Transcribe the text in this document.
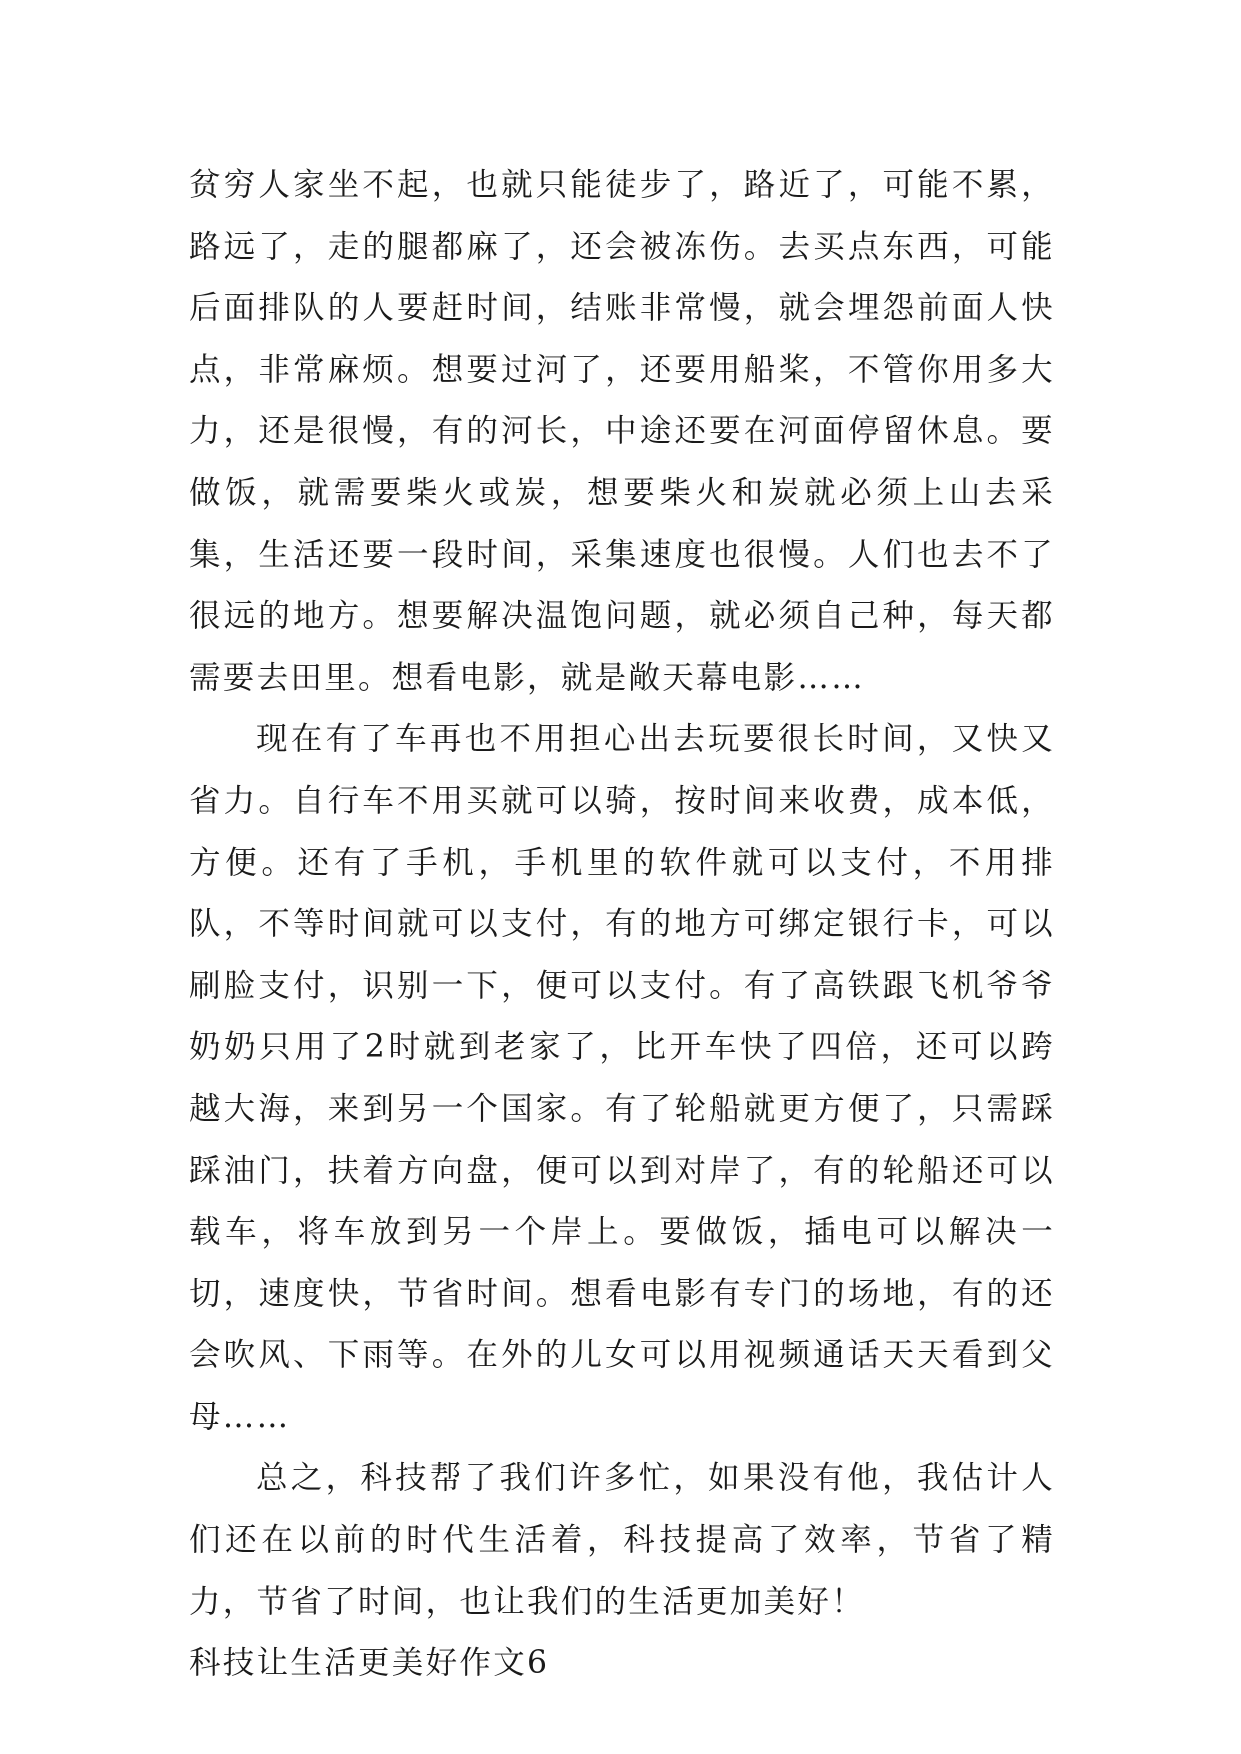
贫穷人家坐不起，也就只能徒步了，路近了，可能不累，路远了，走的腿都麻了，还会被冻伤。去买点东西，可能后面排队的人要赶时间，结账非常慢，就会埋怨前面人快点，非常麻烦。想要过河了，还要用船桨，不管你用多大力，还是很慢，有的河长，中途还要在河面停留休息。要做饭，就需要柴火或炭，想要柴火和炭就必须上山去采集，生活还要一段时间，采集速度也很慢。人们也去不了很远的地方。想要解决温饱问题，就必须自己种，每天都需要去田里。想看电影，就是敞天幕电影……

现在有了车再也不用担心出去玩要很长时间，又快又省力。自行车不用买就可以骑，按时间来收费，成本低，方便。还有了手机，手机里的软件就可以支付，不用排队，不等时间就可以支付，有的地方可绑定银行卡，可以刷脸支付，识别一下，便可以支付。有了高铁跟飞机爷爷奶奶只用了2时就到老家了，比开车快了四倍，还可以跨越大海，来到另一个国家。有了轮船就更方便了，只需踩踩油门，扶着方向盘，便可以到对岸了，有的轮船还可以载车，将车放到另一个岸上。要做饭，插电可以解决一切，速度快，节省时间。想看电影有专门的场地，有的还会吹风、下雨等。在外的儿女可以用视频通话天天看到父母……

总之，科技帮了我们许多忙，如果没有他，我估计人们还在以前的时代生活着，科技提高了效率，节省了精力，节省了时间，也让我们的生活更加美好！

科技让生活更美好作文6
